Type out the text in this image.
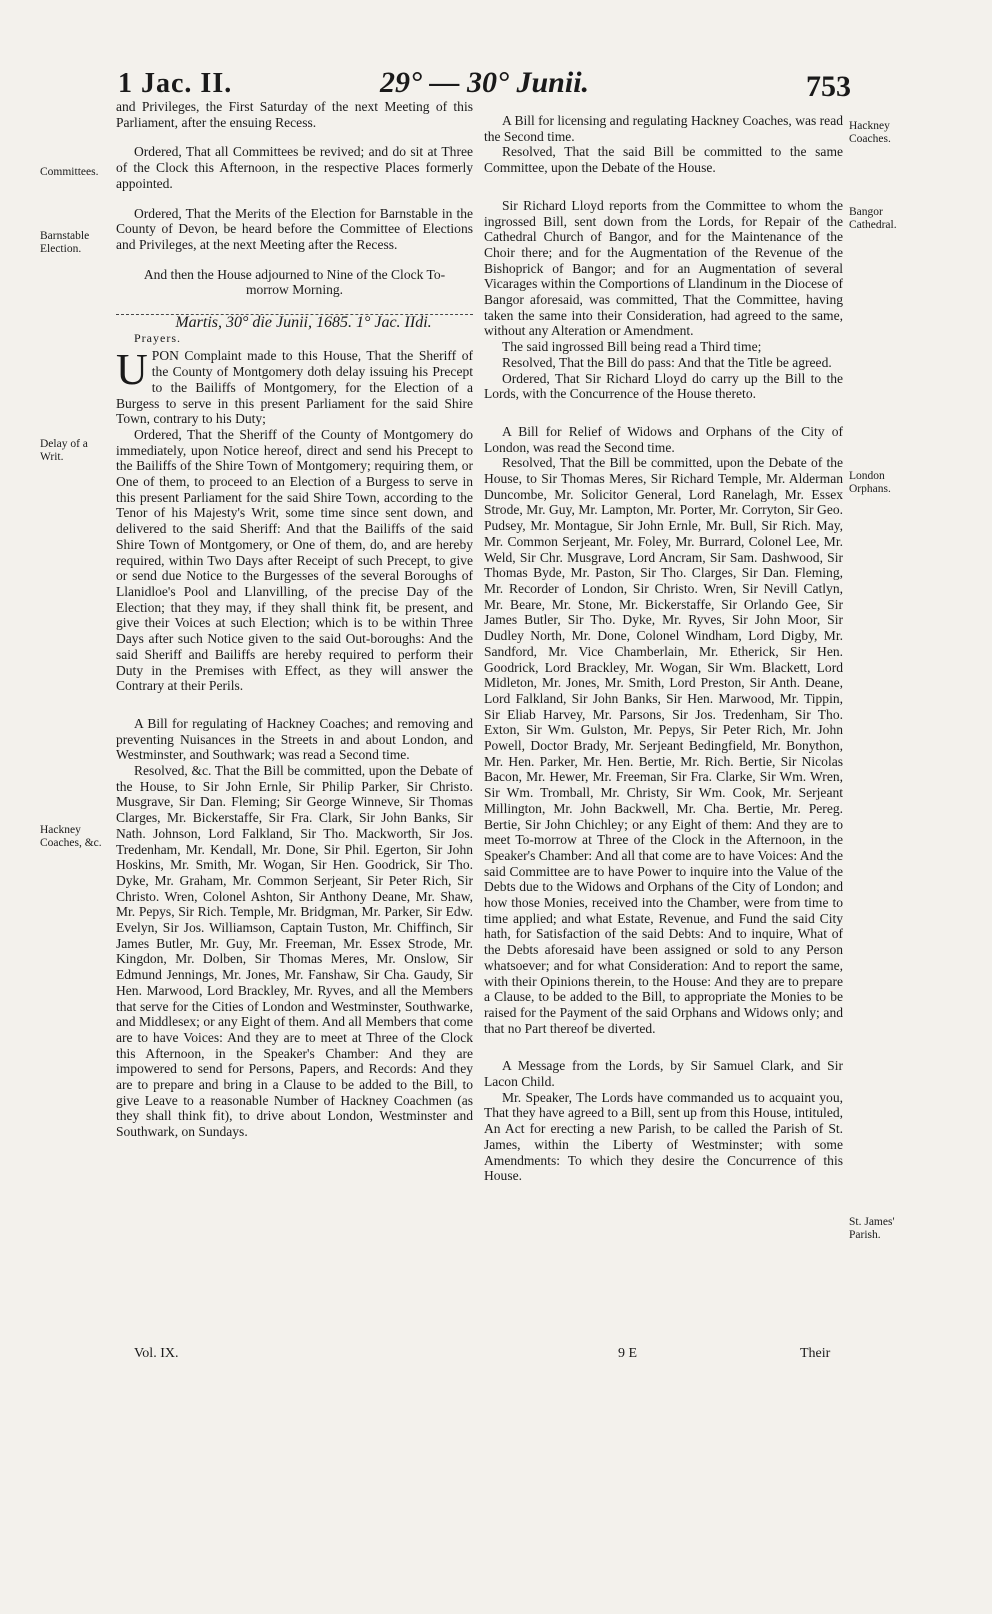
1 Jac. II.	29° — 30° Junii.	753
Committees.
Barnstable Election.
Delay of a Writ.
Hackney Coaches, &c.
Hackney Coaches.
Bangor Cathedral.
London Orphans.
St. James' Parish.

and Privileges, the First Saturday of the next Meeting of this Parliament, after the ensuing Recess.

Ordered, That all Committees be revived; and do sit at Three of the Clock this Afternoon, in the respective Places formerly appointed.

Ordered, That the Merits of the Election for Barnstable in the County of Devon, be heard before the Committee of Elections and Privileges, at the next Meeting after the Recess.

And then the House adjourned to Nine of the Clock To-morrow Morning.

Martis, 30° die Junii, 1685. 1° Jac. IIdi.

Prayers.

UPON Complaint made to this House, That the Sheriff of the County of Montgomery doth delay issuing his Precept to the Bailiffs of Montgomery, for the Election of a Burgess to serve in this present Parliament for the said Shire Town, contrary to his Duty;

Ordered, That the Sheriff of the County of Montgomery do immediately, upon Notice hereof, direct and send his Precept to the Bailiffs of the Shire Town of Montgomery; requiring them, or One of them, to proceed to an Election of a Burgess to serve in this present Parliament for the said Shire Town, according to the Tenor of his Majesty's Writ, some time since sent down, and delivered to the said Sheriff: And that the Bailiffs of the said Shire Town of Montgomery, or One of them, do, and are hereby required, within Two Days after Receipt of such Precept, to give or send due Notice to the Burgesses of the several Boroughs of Llanidloe's Pool and Llanvilling, of the precise Day of the Election; that they may, if they shall think fit, be present, and give their Voices at such Election; which is to be within Three Days after such Notice given to the said Out-boroughs: And the said Sheriff and Bailiffs are hereby required to perform their Duty in the Premises with Effect, as they will answer the Contrary at their Perils.

A Bill for regulating of Hackney Coaches; and removing and preventing Nuisances in the Streets in and about London, and Westminster, and Southwark; was read a Second time.

Resolved, &c. That the Bill be committed, upon the Debate of the House, to Sir John Ernle, Sir Philip Parker, Sir Christo. Musgrave, Sir Dan. Fleming; Sir George Winneve, Sir Thomas Clarges, Mr. Bickerstaffe, Sir Fra. Clark, Sir John Banks, Sir Nath. Johnson, Lord Falkland, Sir Tho. Mackworth, Sir Jos. Tredenham, Mr. Kendall, Mr. Done, Sir Phil. Egerton, Sir John Hoskins, Mr. Smith, Mr. Wogan, Sir Hen. Goodrick, Sir Tho. Dyke, Mr. Graham, Mr. Common Serjeant, Sir Peter Rich, Sir Christo. Wren, Colonel Ashton, Sir Anthony Deane, Mr. Shaw, Mr. Pepys, Sir Rich. Temple, Mr. Bridgman, Mr. Parker, Sir Edw. Evelyn, Sir Jos. Williamson, Captain Tuston, Mr. Chiffinch, Sir James Butler, Mr. Guy, Mr. Freeman, Mr. Essex Strode, Mr. Kingdon, Mr. Dolben, Sir Thomas Meres, Mr. Onslow, Sir Edmund Jennings, Mr. Jones, Mr. Fanshaw, Sir Cha. Gaudy, Sir Hen. Marwood, Lord Brackley, Mr. Ryves, and all the Members that serve for the Cities of London and Westminster, Southwarke, and Middlesex; or any Eight of them. And all Members that come are to have Voices: And they are to meet at Three of the Clock this Afternoon, in the Speaker's Chamber: And they are impowered to send for Persons, Papers, and Records: And they are to prepare and bring in a Clause to be added to the Bill, to give Leave to a reasonable Number of Hackney Coachmen (as they shall think fit), to drive about London, Westminster and Southwark, on Sundays.

A Bill for licensing and regulating Hackney Coaches, was read the Second time.

Resolved, That the said Bill be committed to the same Committee, upon the Debate of the House.

Sir Richard Lloyd reports from the Committee to whom the ingrossed Bill, sent down from the Lords, for Repair of the Cathedral Church of Bangor, and for the Maintenance of the Choir there; and for the Augmentation of the Revenue of the Bishoprick of Bangor; and for an Augmentation of several Vicarages within the Comportions of Llandinum in the Diocese of Bangor aforesaid, was committed, That the Committee, having taken the same into their Consideration, had agreed to the same, without any Alteration or Amendment.

The said ingrossed Bill being read a Third time;

Resolved, That the Bill do pass: And that the Title be agreed.

Ordered, That Sir Richard Lloyd do carry up the Bill to the Lords, with the Concurrence of the House thereto.

A Bill for Relief of Widows and Orphans of the City of London, was read the Second time.

Resolved, That the Bill be committed, upon the Debate of the House, to Sir Thomas Meres, Sir Richard Temple, Mr. Alderman Duncombe, Mr. Solicitor General, Lord Ranelagh, Mr. Essex Strode, Mr. Guy, Mr. Lampton, Mr. Porter, Mr. Corryton, Sir Geo. Pudsey, Mr. Montague, Sir John Ernle, Mr. Bull, Sir Rich. May, Mr. Common Serjeant, Mr. Foley, Mr. Burrard, Colonel Lee, Mr. Weld, Sir Chr. Musgrave, Lord Ancram, Sir Sam. Dashwood, Sir Thomas Byde, Mr. Paston, Sir Tho. Clarges, Sir Dan. Fleming, Mr. Recorder of London, Sir Christo. Wren, Sir Nevill Catlyn, Mr. Beare, Mr. Stone, Mr. Bickerstaffe, Sir Orlando Gee, Sir James Butler, Sir Tho. Dyke, Mr. Ryves, Sir John Moor, Sir Dudley North, Mr. Done, Colonel Windham, Lord Digby, Mr. Sandford, Mr. Vice Chamberlain, Mr. Etherick, Sir Hen. Goodrick, Lord Brackley, Mr. Wogan, Sir Wm. Blackett, Lord Midleton, Mr. Jones, Mr. Smith, Lord Preston, Sir Anth. Deane, Lord Falkland, Sir John Banks, Sir Hen. Marwood, Mr. Tippin, Sir Eliab Harvey, Mr. Parsons, Sir Jos. Tredenham, Sir Tho. Exton, Sir Wm. Gulston, Mr. Pepys, Sir Peter Rich, Mr. John Powell, Doctor Brady, Mr. Serjeant Bedingfield, Mr. Bonython, Mr. Hen. Parker, Mr. Hen. Bertie, Mr. Rich. Bertie, Sir Nicolas Bacon, Mr. Hewer, Mr. Freeman, Sir Fra. Clarke, Sir Wm. Wren, Sir Wm. Tromball, Mr. Christy, Sir Wm. Cook, Mr. Serjeant Millington, Mr. John Backwell, Mr. Cha. Bertie, Mr. Pereg. Bertie, Sir John Chichley; or any Eight of them: And they are to meet To-morrow at Three of the Clock in the Afternoon, in the Speaker's Chamber: And all that come are to have Voices: And the said Committee are to have Power to inquire into the Value of the Debts due to the Widows and Orphans of the City of London; and how those Monies, received into the Chamber, were from time to time applied; and what Estate, Revenue, and Fund the said City hath, for Satisfaction of the said Debts: And to inquire, What of the Debts aforesaid have been assigned or sold to any Person whatsoever; and for what Consideration: And to report the same, with their Opinions therein, to the House: And they are to prepare a Clause, to be added to the Bill, to appropriate the Monies to be raised for the Payment of the said Orphans and Widows only; and that no Part thereof be diverted.

A Message from the Lords, by Sir Samuel Clark, and Sir Lacon Child.

Mr. Speaker, The Lords have commanded us to acquaint you, That they have agreed to a Bill, sent up from this House, intituled, An Act for erecting a new Parish, to be called the Parish of St. James, within the Liberty of Westminster; with some Amendments: To which they desire the Concurrence of this House.

Vol. IX.	9 E	Their
